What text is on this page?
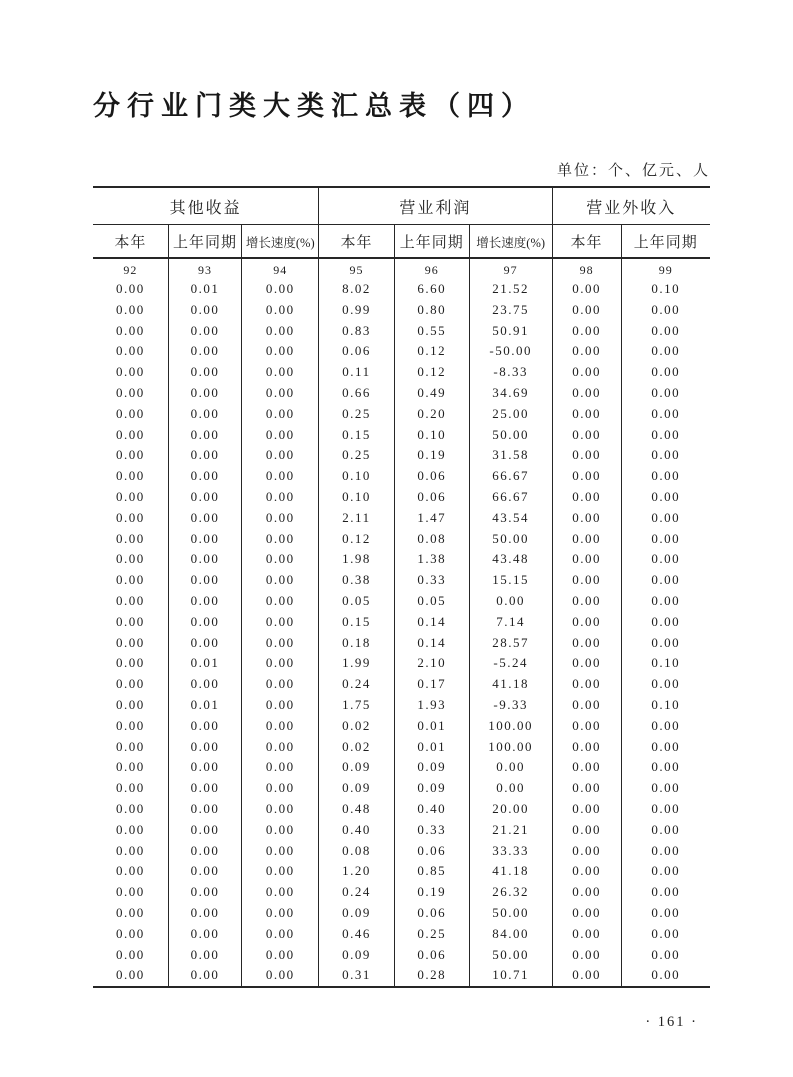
分行业门类大类汇总表（四）
单位：个、亿元、人
其他收益			营业利润			营业外收入	
本年	上年同期	增长速度(%)	本年	上年同期	增长速度(%)	本年	上年同期
92	93	94	95	96	97	98	99
0.00	0.01	0.00	8.02	6.60	21.52	0.00	0.10
0.00	0.00	0.00	0.99	0.80	23.75	0.00	0.00
0.00	0.00	0.00	0.83	0.55	50.91	0.00	0.00
0.00	0.00	0.00	0.06	0.12	-50.00	0.00	0.00
0.00	0.00	0.00	0.11	0.12	-8.33	0.00	0.00
0.00	0.00	0.00	0.66	0.49	34.69	0.00	0.00
0.00	0.00	0.00	0.25	0.20	25.00	0.00	0.00
0.00	0.00	0.00	0.15	0.10	50.00	0.00	0.00
0.00	0.00	0.00	0.25	0.19	31.58	0.00	0.00
0.00	0.00	0.00	0.10	0.06	66.67	0.00	0.00
0.00	0.00	0.00	0.10	0.06	66.67	0.00	0.00
0.00	0.00	0.00	2.11	1.47	43.54	0.00	0.00
0.00	0.00	0.00	0.12	0.08	50.00	0.00	0.00
0.00	0.00	0.00	1.98	1.38	43.48	0.00	0.00
0.00	0.00	0.00	0.38	0.33	15.15	0.00	0.00
0.00	0.00	0.00	0.05	0.05	0.00	0.00	0.00
0.00	0.00	0.00	0.15	0.14	7.14	0.00	0.00
0.00	0.00	0.00	0.18	0.14	28.57	0.00	0.00
0.00	0.01	0.00	1.99	2.10	-5.24	0.00	0.10
0.00	0.00	0.00	0.24	0.17	41.18	0.00	0.00
0.00	0.01	0.00	1.75	1.93	-9.33	0.00	0.10
0.00	0.00	0.00	0.02	0.01	100.00	0.00	0.00
0.00	0.00	0.00	0.02	0.01	100.00	0.00	0.00
0.00	0.00	0.00	0.09	0.09	0.00	0.00	0.00
0.00	0.00	0.00	0.09	0.09	0.00	0.00	0.00
0.00	0.00	0.00	0.48	0.40	20.00	0.00	0.00
0.00	0.00	0.00	0.40	0.33	21.21	0.00	0.00
0.00	0.00	0.00	0.08	0.06	33.33	0.00	0.00
0.00	0.00	0.00	1.20	0.85	41.18	0.00	0.00
0.00	0.00	0.00	0.24	0.19	26.32	0.00	0.00
0.00	0.00	0.00	0.09	0.06	50.00	0.00	0.00
0.00	0.00	0.00	0.46	0.25	84.00	0.00	0.00
0.00	0.00	0.00	0.09	0.06	50.00	0.00	0.00
0.00	0.00	0.00	0.31	0.28	10.71	0.00	0.00
· 161 ·
